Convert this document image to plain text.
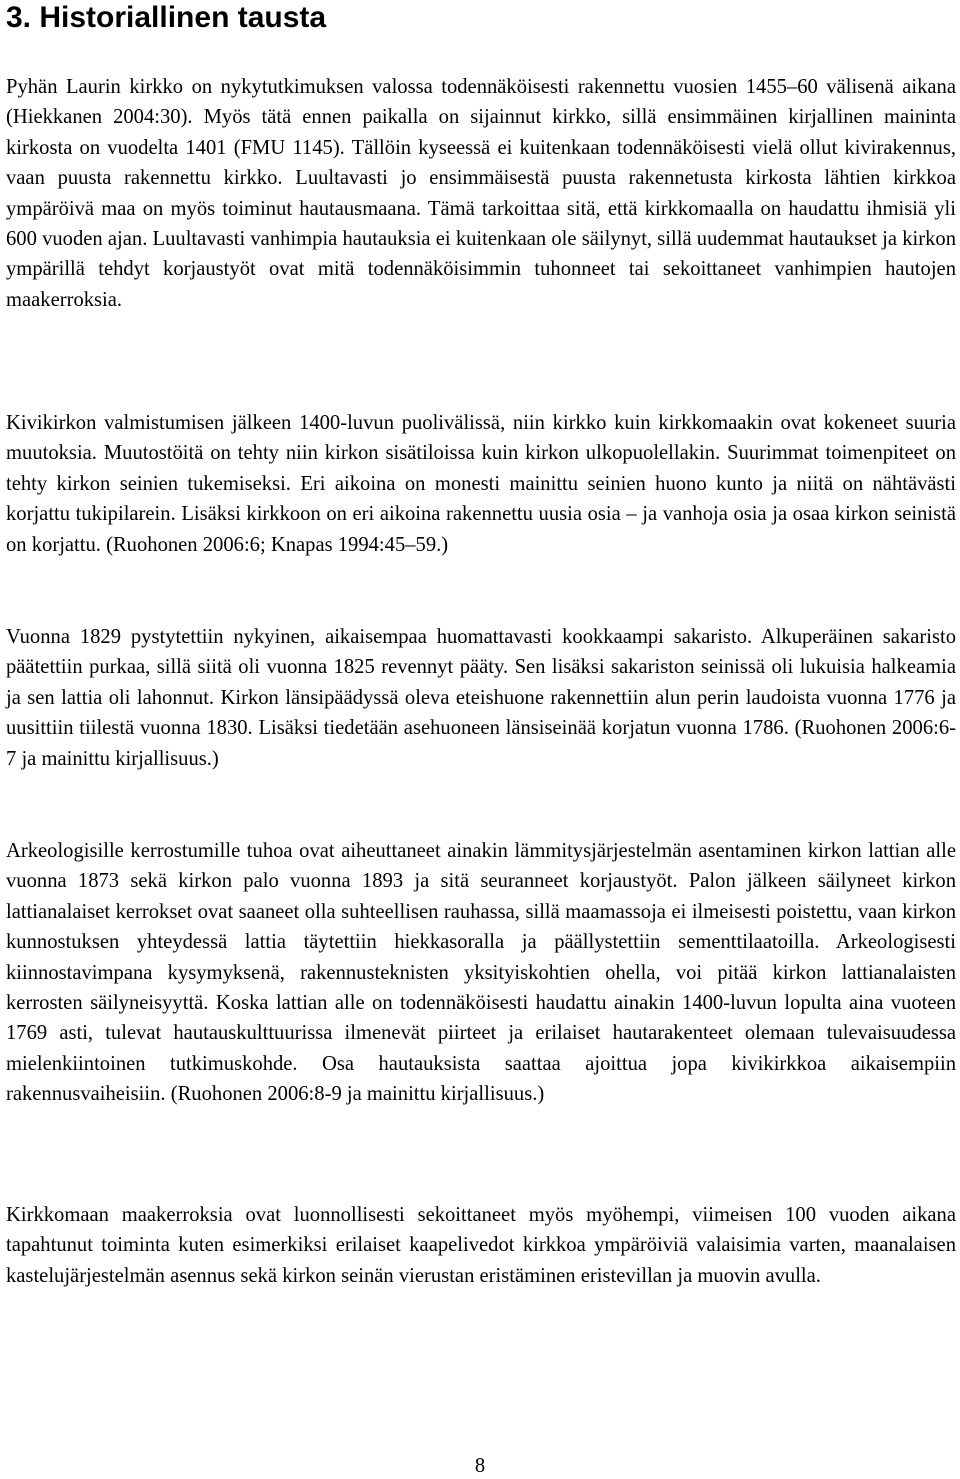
3. Historiallinen tausta

Pyhän Laurin kirkko on nykytutkimuksen valossa todennäköisesti rakennettu vuosien 1455–60 välisenä aikana (Hiekkanen 2004:30). Myös tätä ennen paikalla on sijainnut kirkko, sillä ensimmäinen kirjallinen maininta kirkosta on vuodelta 1401 (FMU 1145). Tällöin kyseessä ei kuitenkaan todennäköisesti vielä ollut kivirakennus, vaan puusta rakennettu kirkko. Luultavasti jo ensimmäisestä puusta rakennetusta kirkosta lähtien kirkkoa ympäröivä maa on myös toiminut hautausmaana. Tämä tarkoittaa sitä, että kirkkomaalla on haudattu ihmisiä yli 600 vuoden ajan. Luultavasti vanhimpia hautauksia ei kuitenkaan ole säilynyt, sillä uudemmat hautaukset ja kirkon ympärillä tehdyt korjaustyöt ovat mitä todennäköisimmin tuhonneet tai sekoittaneet vanhimpien hautojen maakerroksia.

Kivikirkon valmistumisen jälkeen 1400-luvun puolivälissä, niin kirkko kuin kirkkomaakin ovat kokeneet suuria muutoksia. Muutostöitä on tehty niin kirkon sisätiloissa kuin kirkon ulkopuolellakin. Suurimmat toimenpiteet on tehty kirkon seinien tukemiseksi. Eri aikoina on monesti mainittu seinien huono kunto ja niitä on nähtävästi korjattu tukipilarein. Lisäksi kirkkoon on eri aikoina rakennettu uusia osia – ja vanhoja osia ja osaa kirkon seinistä on korjattu. (Ruohonen 2006:6; Knapas 1994:45–59.)

Vuonna 1829 pystytettiin nykyinen, aikaisempaa huomattavasti kookkaampi sakaristo. Alkuperäinen sakaristo päätettiin purkaa, sillä siitä oli vuonna 1825 revennyt pääty. Sen lisäksi sakariston seinissä oli lukuisia halkeamia ja sen lattia oli lahonnut. Kirkon länsipäädyssä oleva eteishuone rakennettiin alun perin laudoista vuonna 1776 ja uusittiin tiilestä vuonna 1830. Lisäksi tiedetään asehuoneen länsiseinää korjatun vuonna 1786. (Ruohonen 2006:6-7 ja mainittu kirjallisuus.)

Arkeologisille kerrostumille tuhoa ovat aiheuttaneet ainakin lämmitysjärjestelmän asentaminen kirkon lattian alle vuonna 1873 sekä kirkon palo vuonna 1893 ja sitä seuranneet korjaustyöt. Palon jälkeen säilyneet kirkon lattianalaiset kerrokset ovat saaneet olla suhteellisen rauhassa, sillä maamassoja ei ilmeisesti poistettu, vaan kirkon kunnostuksen yhteydessä lattia täytettiin hiekkasoralla ja päällystettiin sementtilaatoilla. Arkeologisesti kiinnostavimpana kysymyksenä, rakennusteknisten yksityiskohtien ohella, voi pitää kirkon lattianalaisten kerrosten säilyneisyyttä. Koska lattian alle on todennäköisesti haudattu ainakin 1400-luvun lopulta aina vuoteen 1769 asti, tulevat hautauskulttuurissa ilmenevät piirteet ja erilaiset hautarakenteet olemaan tulevaisuudessa mielenkiintoinen tutkimuskohde. Osa hautauksista saattaa ajoittua jopa kivikirkkoa aikaisempiin rakennusvaiheisiin. (Ruohonen 2006:8-9 ja mainittu kirjallisuus.)

Kirkkomaan maakerroksia ovat luonnollisesti sekoittaneet myös myöhempi, viimeisen 100 vuoden aikana tapahtunut toiminta kuten esimerkiksi erilaiset kaapelivedot kirkkoa ympäröiviä valaisimia varten, maanalaisen kastelujärjestelmän asennus sekä kirkon seinän vierustan eristäminen eristevillan ja muovin avulla.

8
